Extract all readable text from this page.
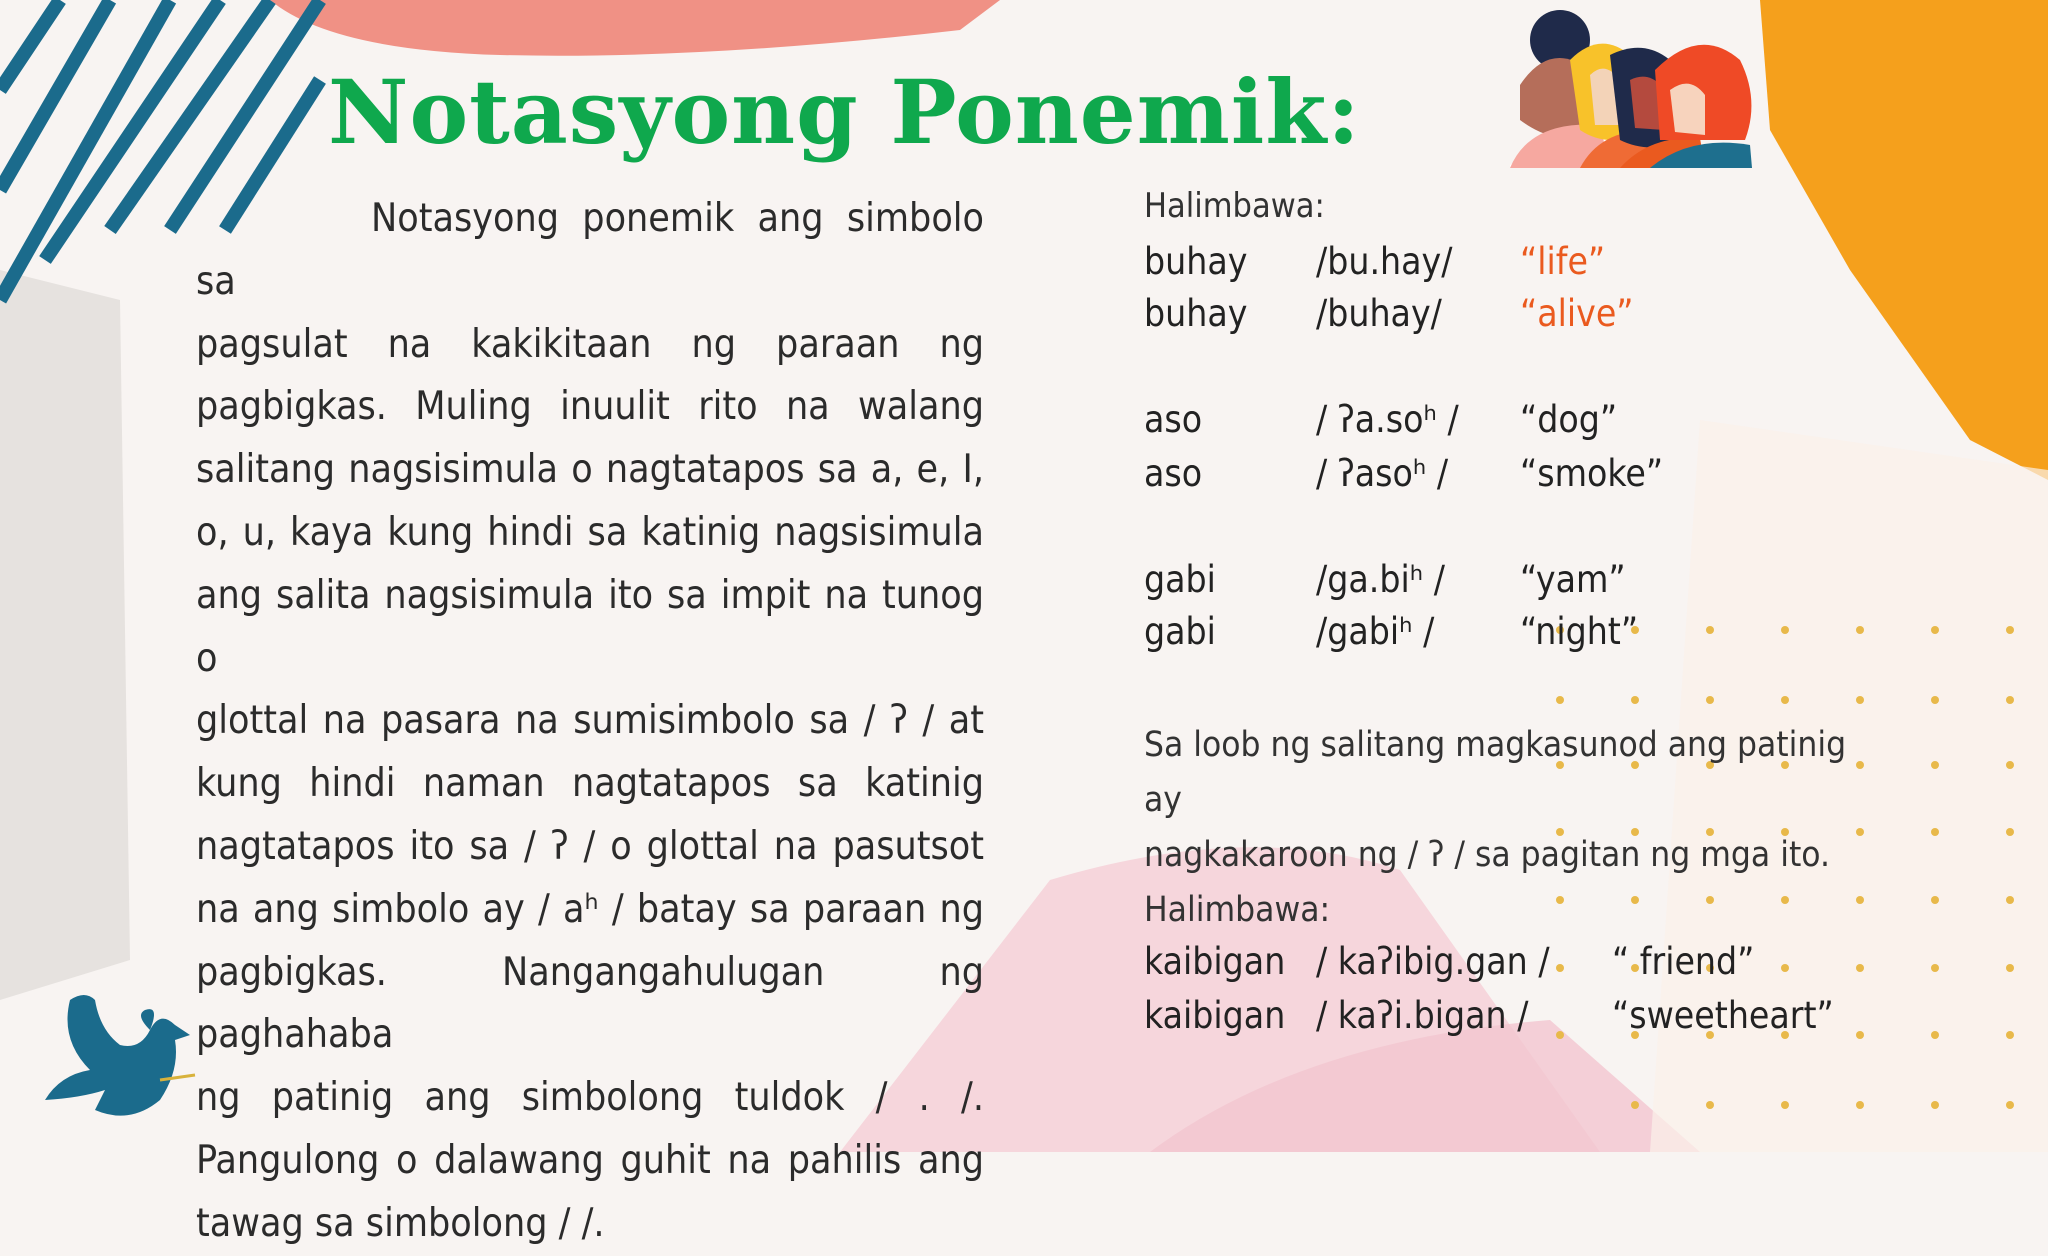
Notasyong Ponemik:
Notasyong ponemik ang simbolo sa
pagsulat na kakikitaan ng paraan ng
pagbigkas. Muling inuulit rito na walang
salitang nagsisimula o nagtatapos sa a, e, I,
o, u, kaya kung hindi sa katinig nagsisimula
ang salita nagsisimula ito sa impit na tunog o
glottal na pasara na sumisimbolo sa / ʔ / at
kung hindi naman nagtatapos sa katinig
nagtatapos ito sa / ʔ / o glottal na pasutsot
na ang simbolo ay / aʰ / batay sa paraan ng
pagbigkas. Nangangahulugan ng paghahaba
ng patinig ang simbolong tuldok / . /.
Pangulong o dalawang guhit na pahilis ang
tawag sa simbolong / /.
Halimbawa:
buhay /bu.hay/ “life”
buhay /buhay/ “alive”
aso	/ ʔa.soʰ / “dog”
aso	/ ʔasoʰ / “smoke”
gabi	/ga.biʰ / “yam”
gabi	/gabiʰ / “night”
Sa loob ng salitang magkasunod ang patinig ay
nagkakaroon ng / ʔ / sa pagitan ng mga ito.
Halimbawa:
kaibigan / kaʔibig.gan / “ friend”
kaibigan / kaʔi.bigan / “sweetheart”
